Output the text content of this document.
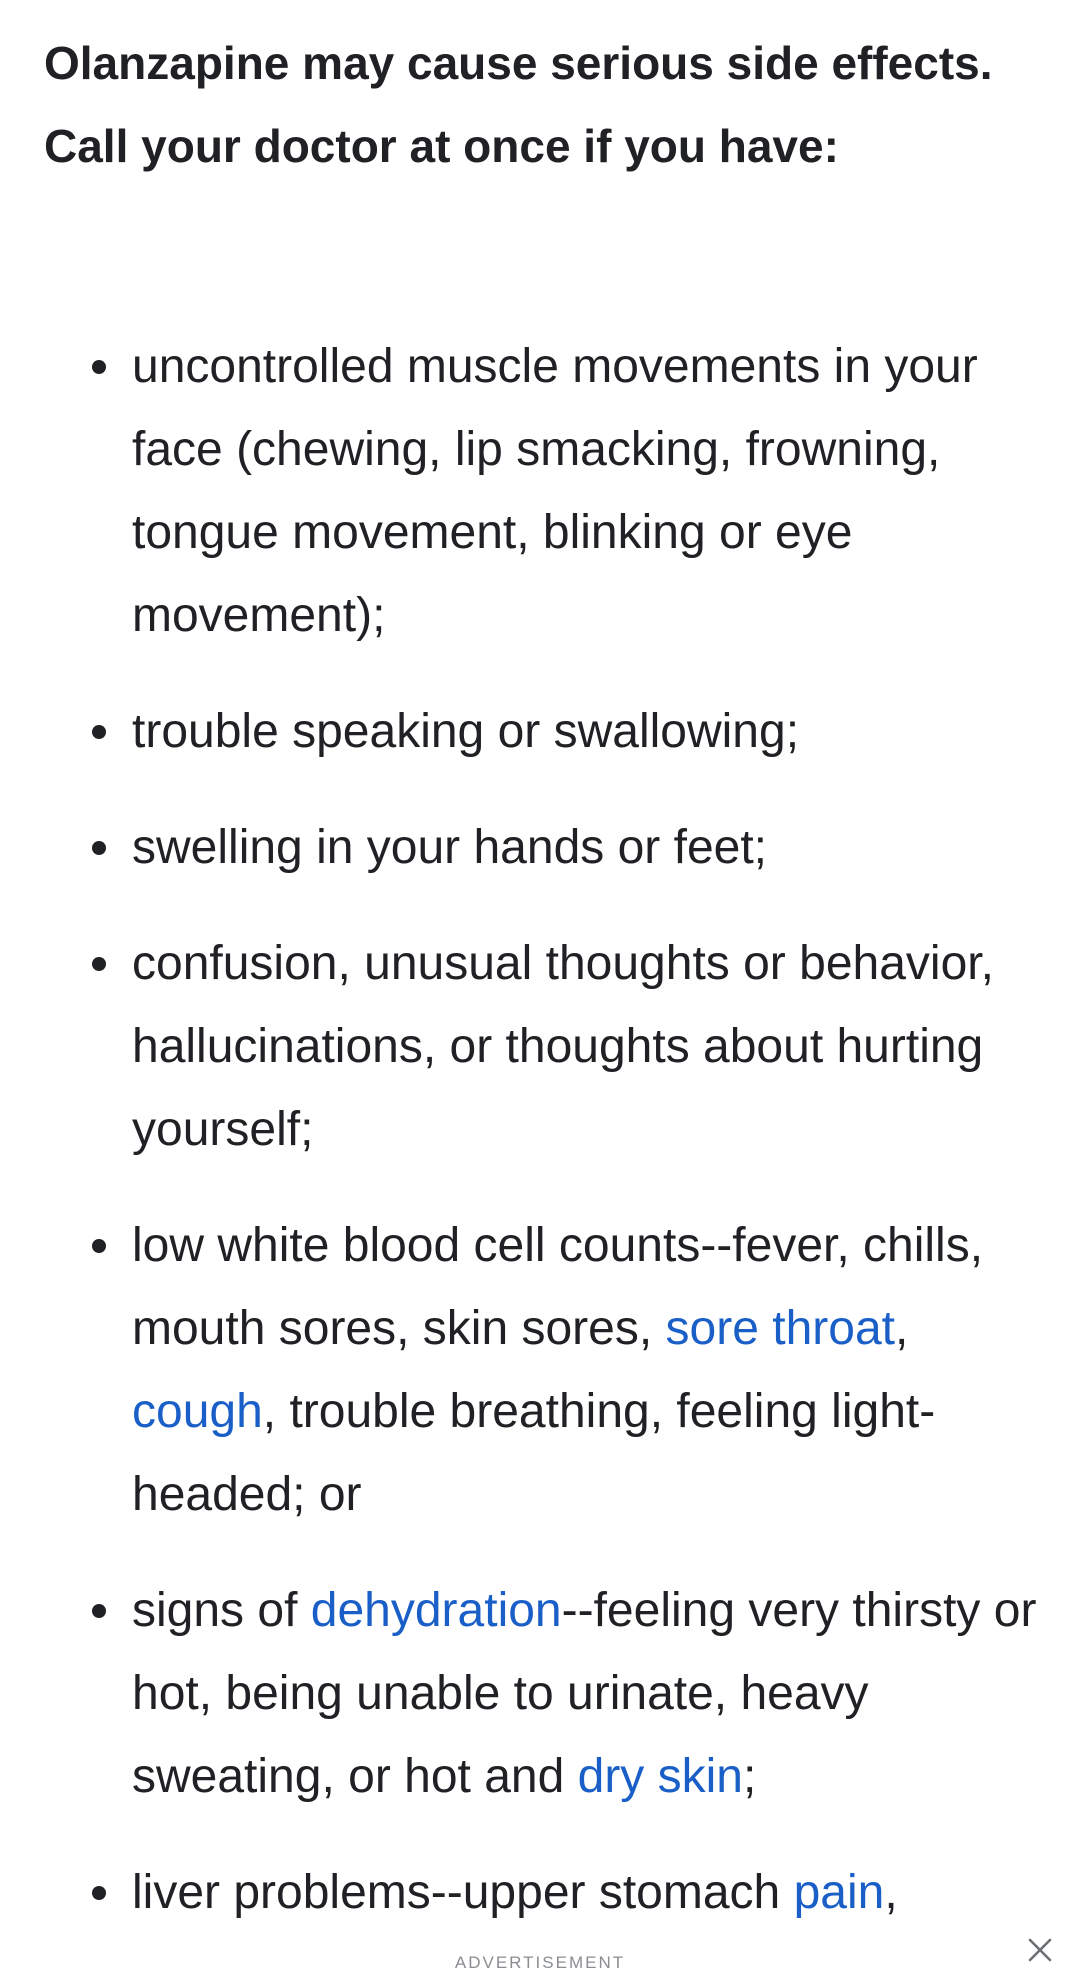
Olanzapine may cause serious side effects. Call your doctor at once if you have:
uncontrolled muscle movements in your face (chewing, lip smacking, frowning, tongue movement, blinking or eye movement);
trouble speaking or swallowing;
swelling in your hands or feet;
confusion, unusual thoughts or behavior, hallucinations, or thoughts about hurting yourself;
low white blood cell counts--fever, chills, mouth sores, skin sores, sore throat, cough, trouble breathing, feeling light-headed; or
signs of dehydration--feeling very thirsty or hot, being unable to urinate, heavy sweating, or hot and dry skin;
liver problems--upper stomach pain,
ADVERTISEMENT
